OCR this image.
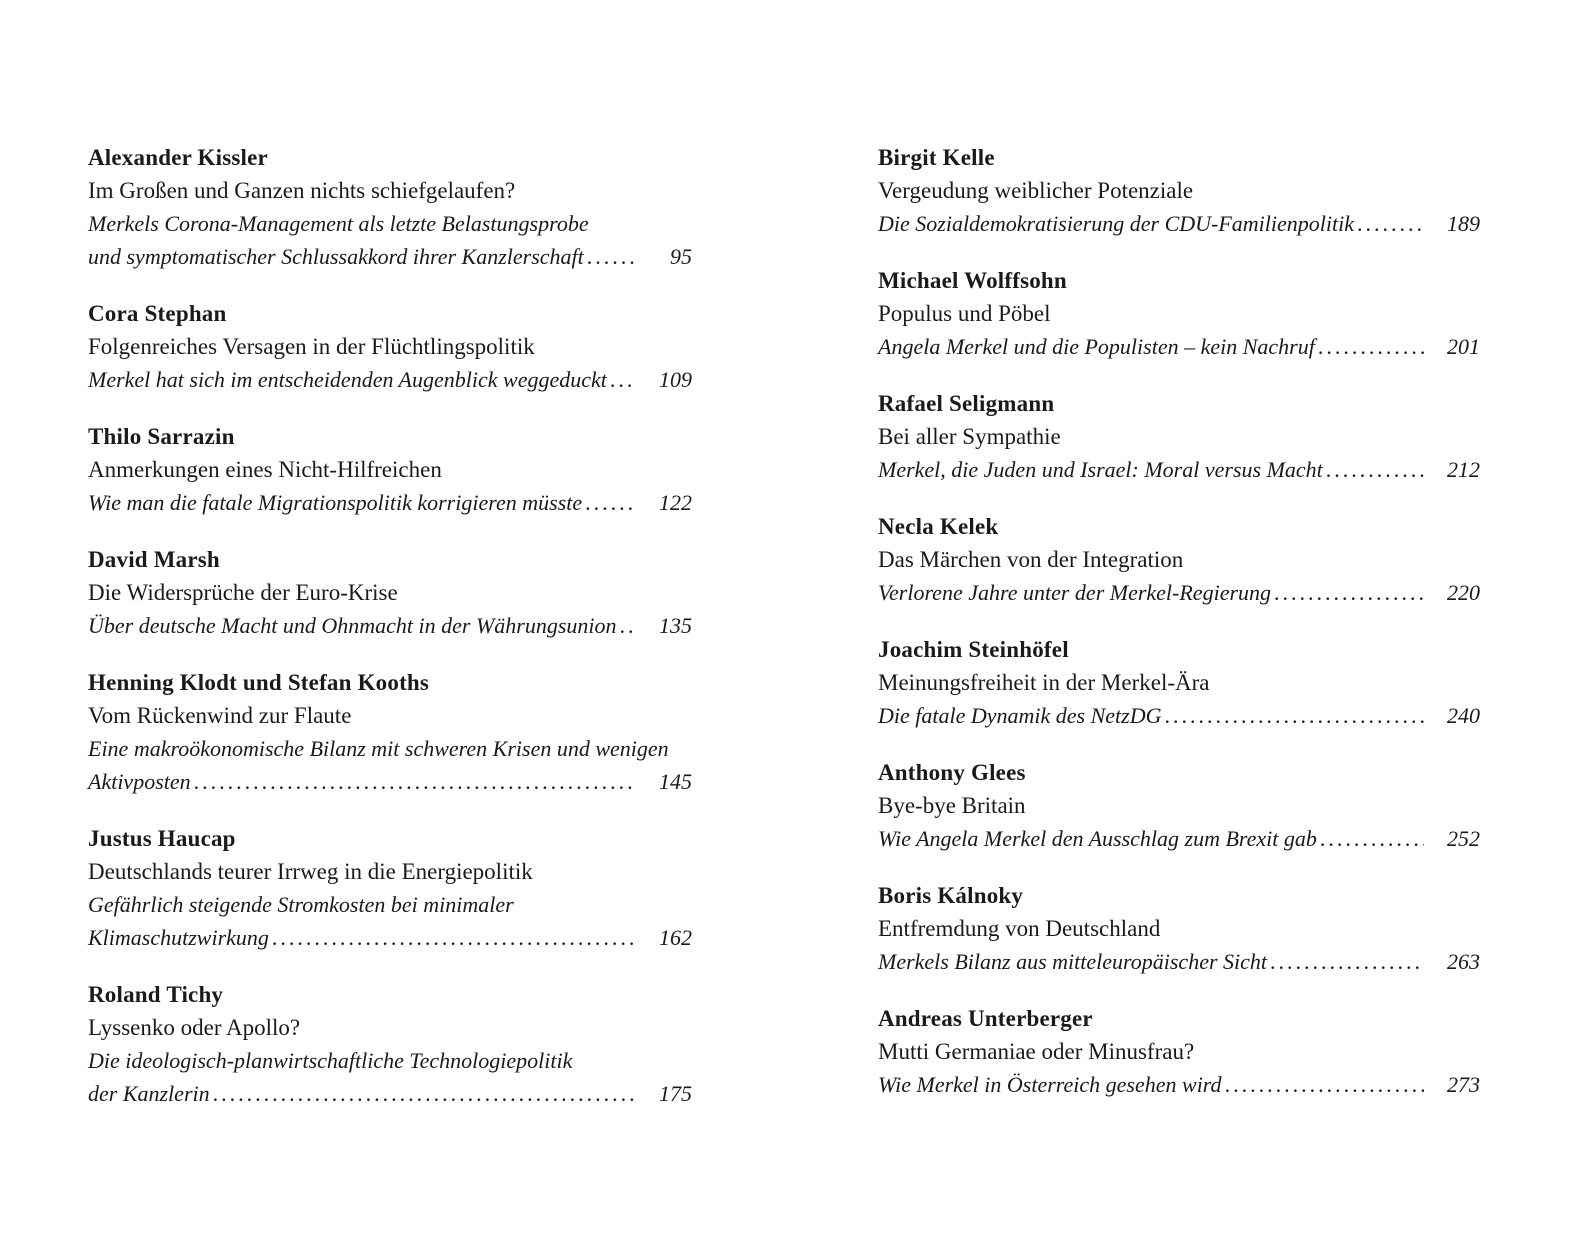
Alexander Kissler
Im Großen und Ganzen nichts schiefgelaufen?
Merkels Corona-Management als letzte Belastungsprobe
und symptomatischer Schlussakkord ihrer Kanzlerschaft .....	95
Cora Stephan
Folgenreiches Versagen in der Flüchtlingspolitik
Merkel hat sich im entscheidenden Augenblick weggeduckt .....	109
Thilo Sarrazin
Anmerkungen eines Nicht-Hilfreichen
Wie man die fatale Migrationspolitik korrigieren müsste .....	122
David Marsh
Die Widersprüche der Euro-Krise
Über deutsche Macht und Ohnmacht in der Währungsunion .....	135
Henning Klodt und Stefan Kooths
Vom Rückenwind zur Flaute
Eine makroökonomische Bilanz mit schweren Krisen und wenigen
Aktivposten .....	145
Justus Haucap
Deutschlands teurer Irrweg in die Energiepolitik
Gefährlich steigende Stromkosten bei minimaler
Klimaschutzwirkung .....	162
Roland Tichy
Lyssenko oder Apollo?
Die ideologisch-planwirtschaftliche Technologiepolitik
der Kanzlerin .....	175
Birgit Kelle
Vergeudung weiblicher Potenziale
Die Sozialdemokratisierung der CDU-Familienpolitik .....	189
Michael Wolffsohn
Populus und Pöbel
Angela Merkel und die Populisten – kein Nachruf .....	201
Rafael Seligmann
Bei aller Sympathie
Merkel, die Juden und Israel: Moral versus Macht .....	212
Necla Kelek
Das Märchen von der Integration
Verlorene Jahre unter der Merkel-Regierung .....	220
Joachim Steinhöfel
Meinungsfreiheit in der Merkel-Ära
Die fatale Dynamik des NetzDG .....	240
Anthony Glees
Bye-bye Britain
Wie Angela Merkel den Ausschlag zum Brexit gab .....	252
Boris Kálnoky
Entfremdung von Deutschland
Merkels Bilanz aus mitteleuropäischer Sicht .....	263
Andreas Unterberger
Mutti Germaniae oder Minusfrau?
Wie Merkel in Österreich gesehen wird .....	273
